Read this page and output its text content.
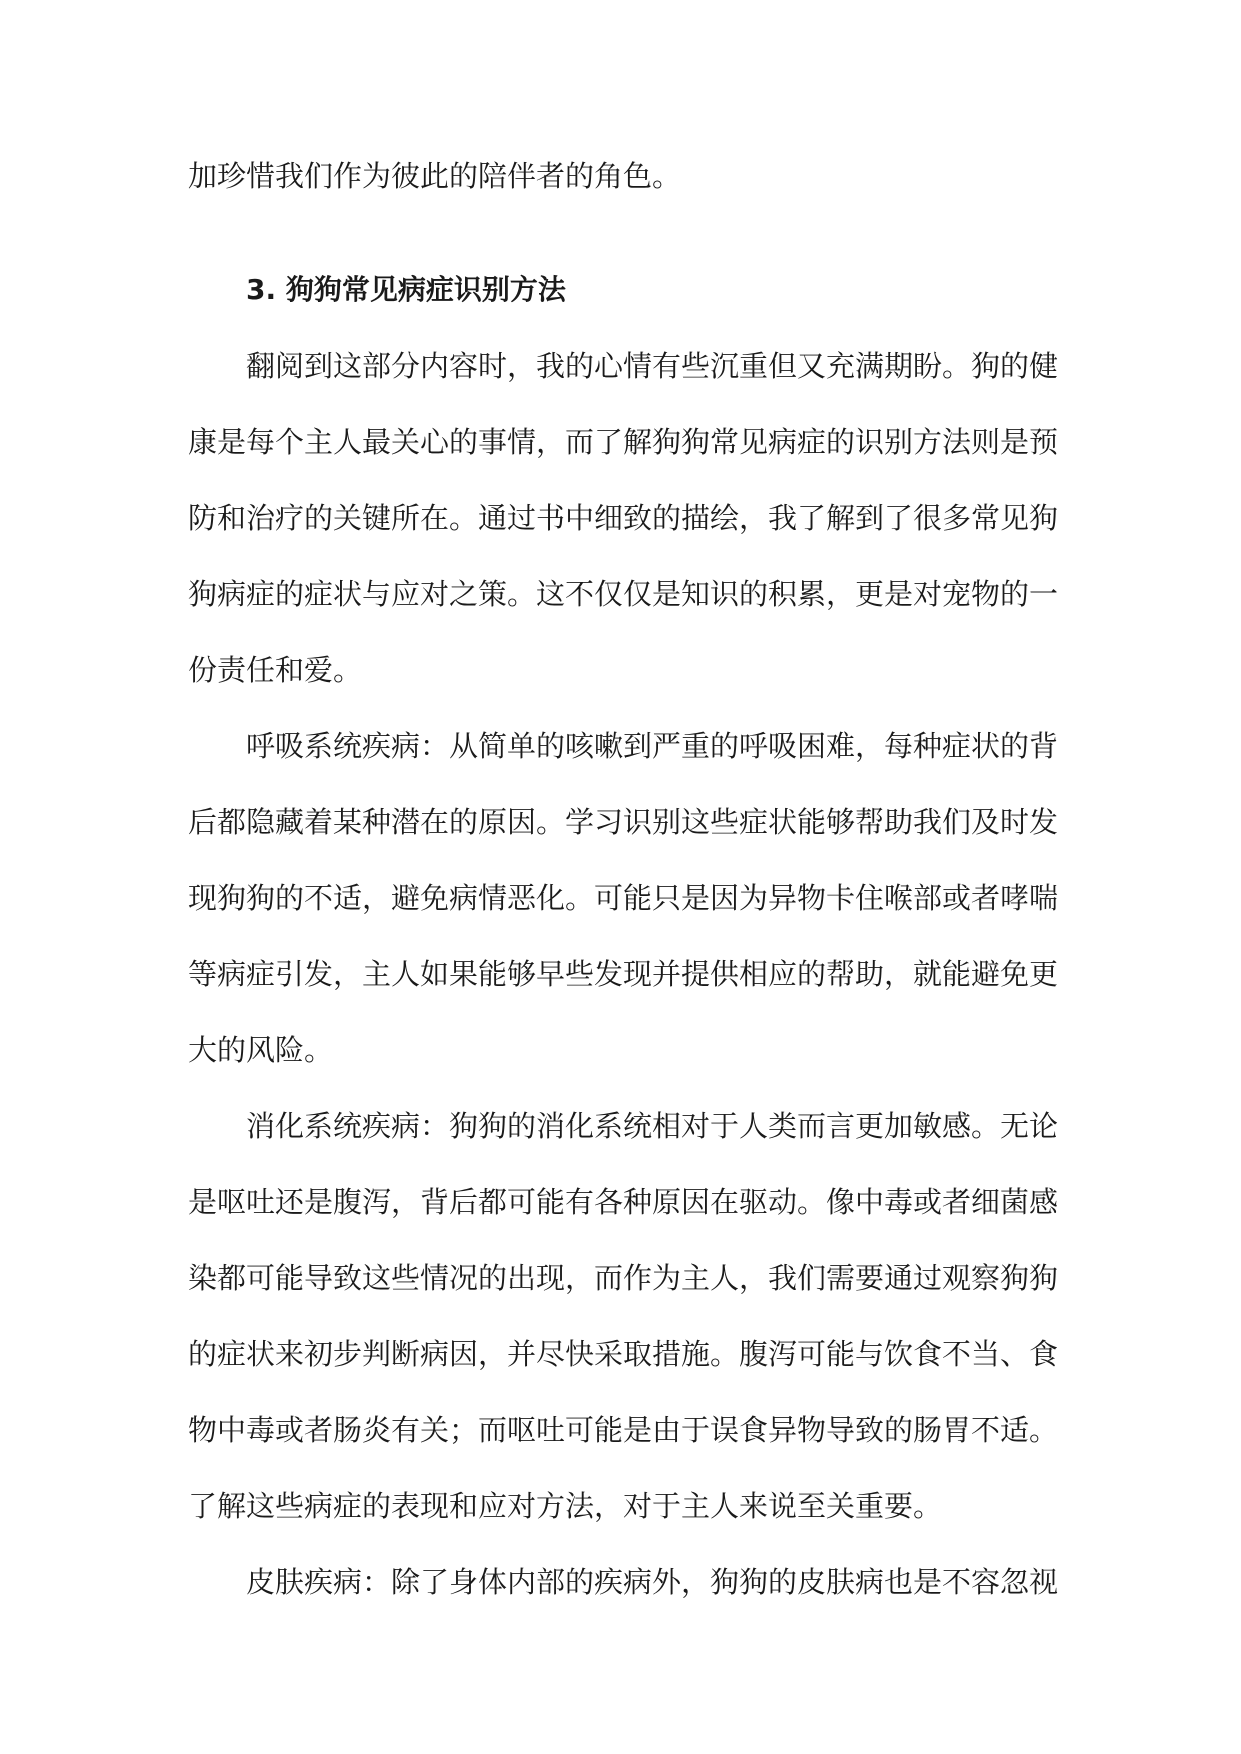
加珍惜我们作为彼此的陪伴者的角色。

3. 狗狗常见病症识别方法

翻阅到这部分内容时，我的心情有些沉重但又充满期盼。狗的健康是每个主人最关心的事情，而了解狗狗常见病症的识别方法则是预防和治疗的关键所在。通过书中细致的描绘，我了解到了很多常见狗狗病症的症状与应对之策。这不仅仅是知识的积累，更是对宠物的一份责任和爱。

呼吸系统疾病：从简单的咳嗽到严重的呼吸困难，每种症状的背后都隐藏着某种潜在的原因。学习识别这些症状能够帮助我们及时发现狗狗的不适，避免病情恶化。可能只是因为异物卡住喉部或者哮喘等病症引发，主人如果能够早些发现并提供相应的帮助，就能避免更大的风险。

消化系统疾病：狗狗的消化系统相对于人类而言更加敏感。无论是呕吐还是腹泻，背后都可能有各种原因在驱动。像中毒或者细菌感染都可能导致这些情况的出现，而作为主人，我们需要通过观察狗狗的症状来初步判断病因，并尽快采取措施。腹泻可能与饮食不当、食物中毒或者肠炎有关；而呕吐可能是由于误食异物导致的肠胃不适。了解这些病症的表现和应对方法，对于主人来说至关重要。

皮肤疾病：除了身体内部的疾病外，狗狗的皮肤病也是不容忽视
